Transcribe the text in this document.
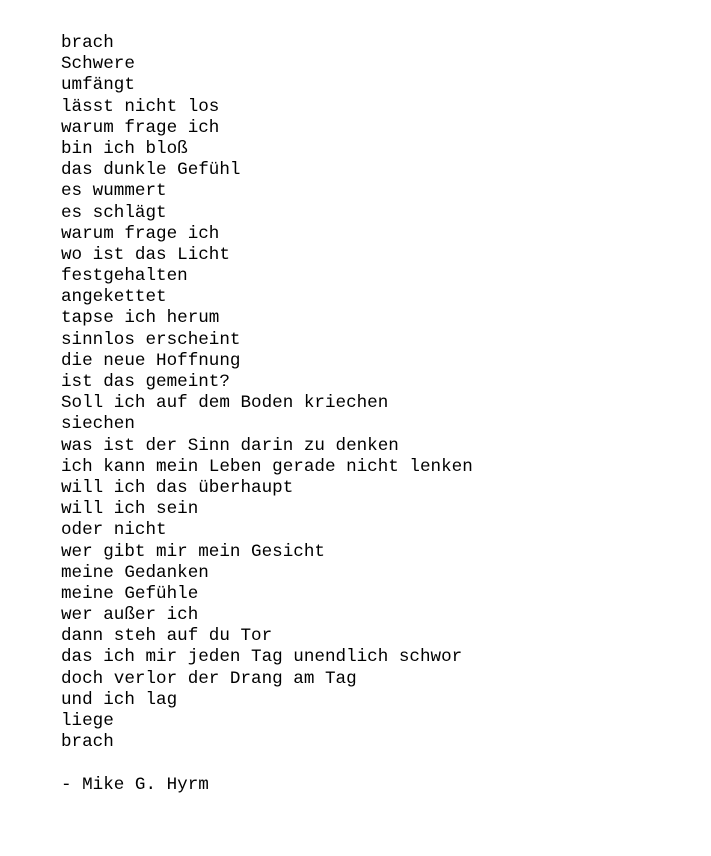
brach
Schwere
umfängt
lässt nicht los
warum frage ich
bin ich bloß
das dunkle Gefühl
es wummert
es schlägt
warum frage ich
wo ist das Licht
festgehalten
angekettet
tapse ich herum
sinnlos erscheint
die neue Hoffnung
ist das gemeint?
Soll ich auf dem Boden kriechen
siechen
was ist der Sinn darin zu denken
ich kann mein Leben gerade nicht lenken
will ich das überhaupt
will ich sein
oder nicht
wer gibt mir mein Gesicht
meine Gedanken
meine Gefühle
wer außer ich
dann steh auf du Tor
das ich mir jeden Tag unendlich schwor
doch verlor der Drang am Tag
und ich lag
liege
brach
- Mike G. Hyrm
